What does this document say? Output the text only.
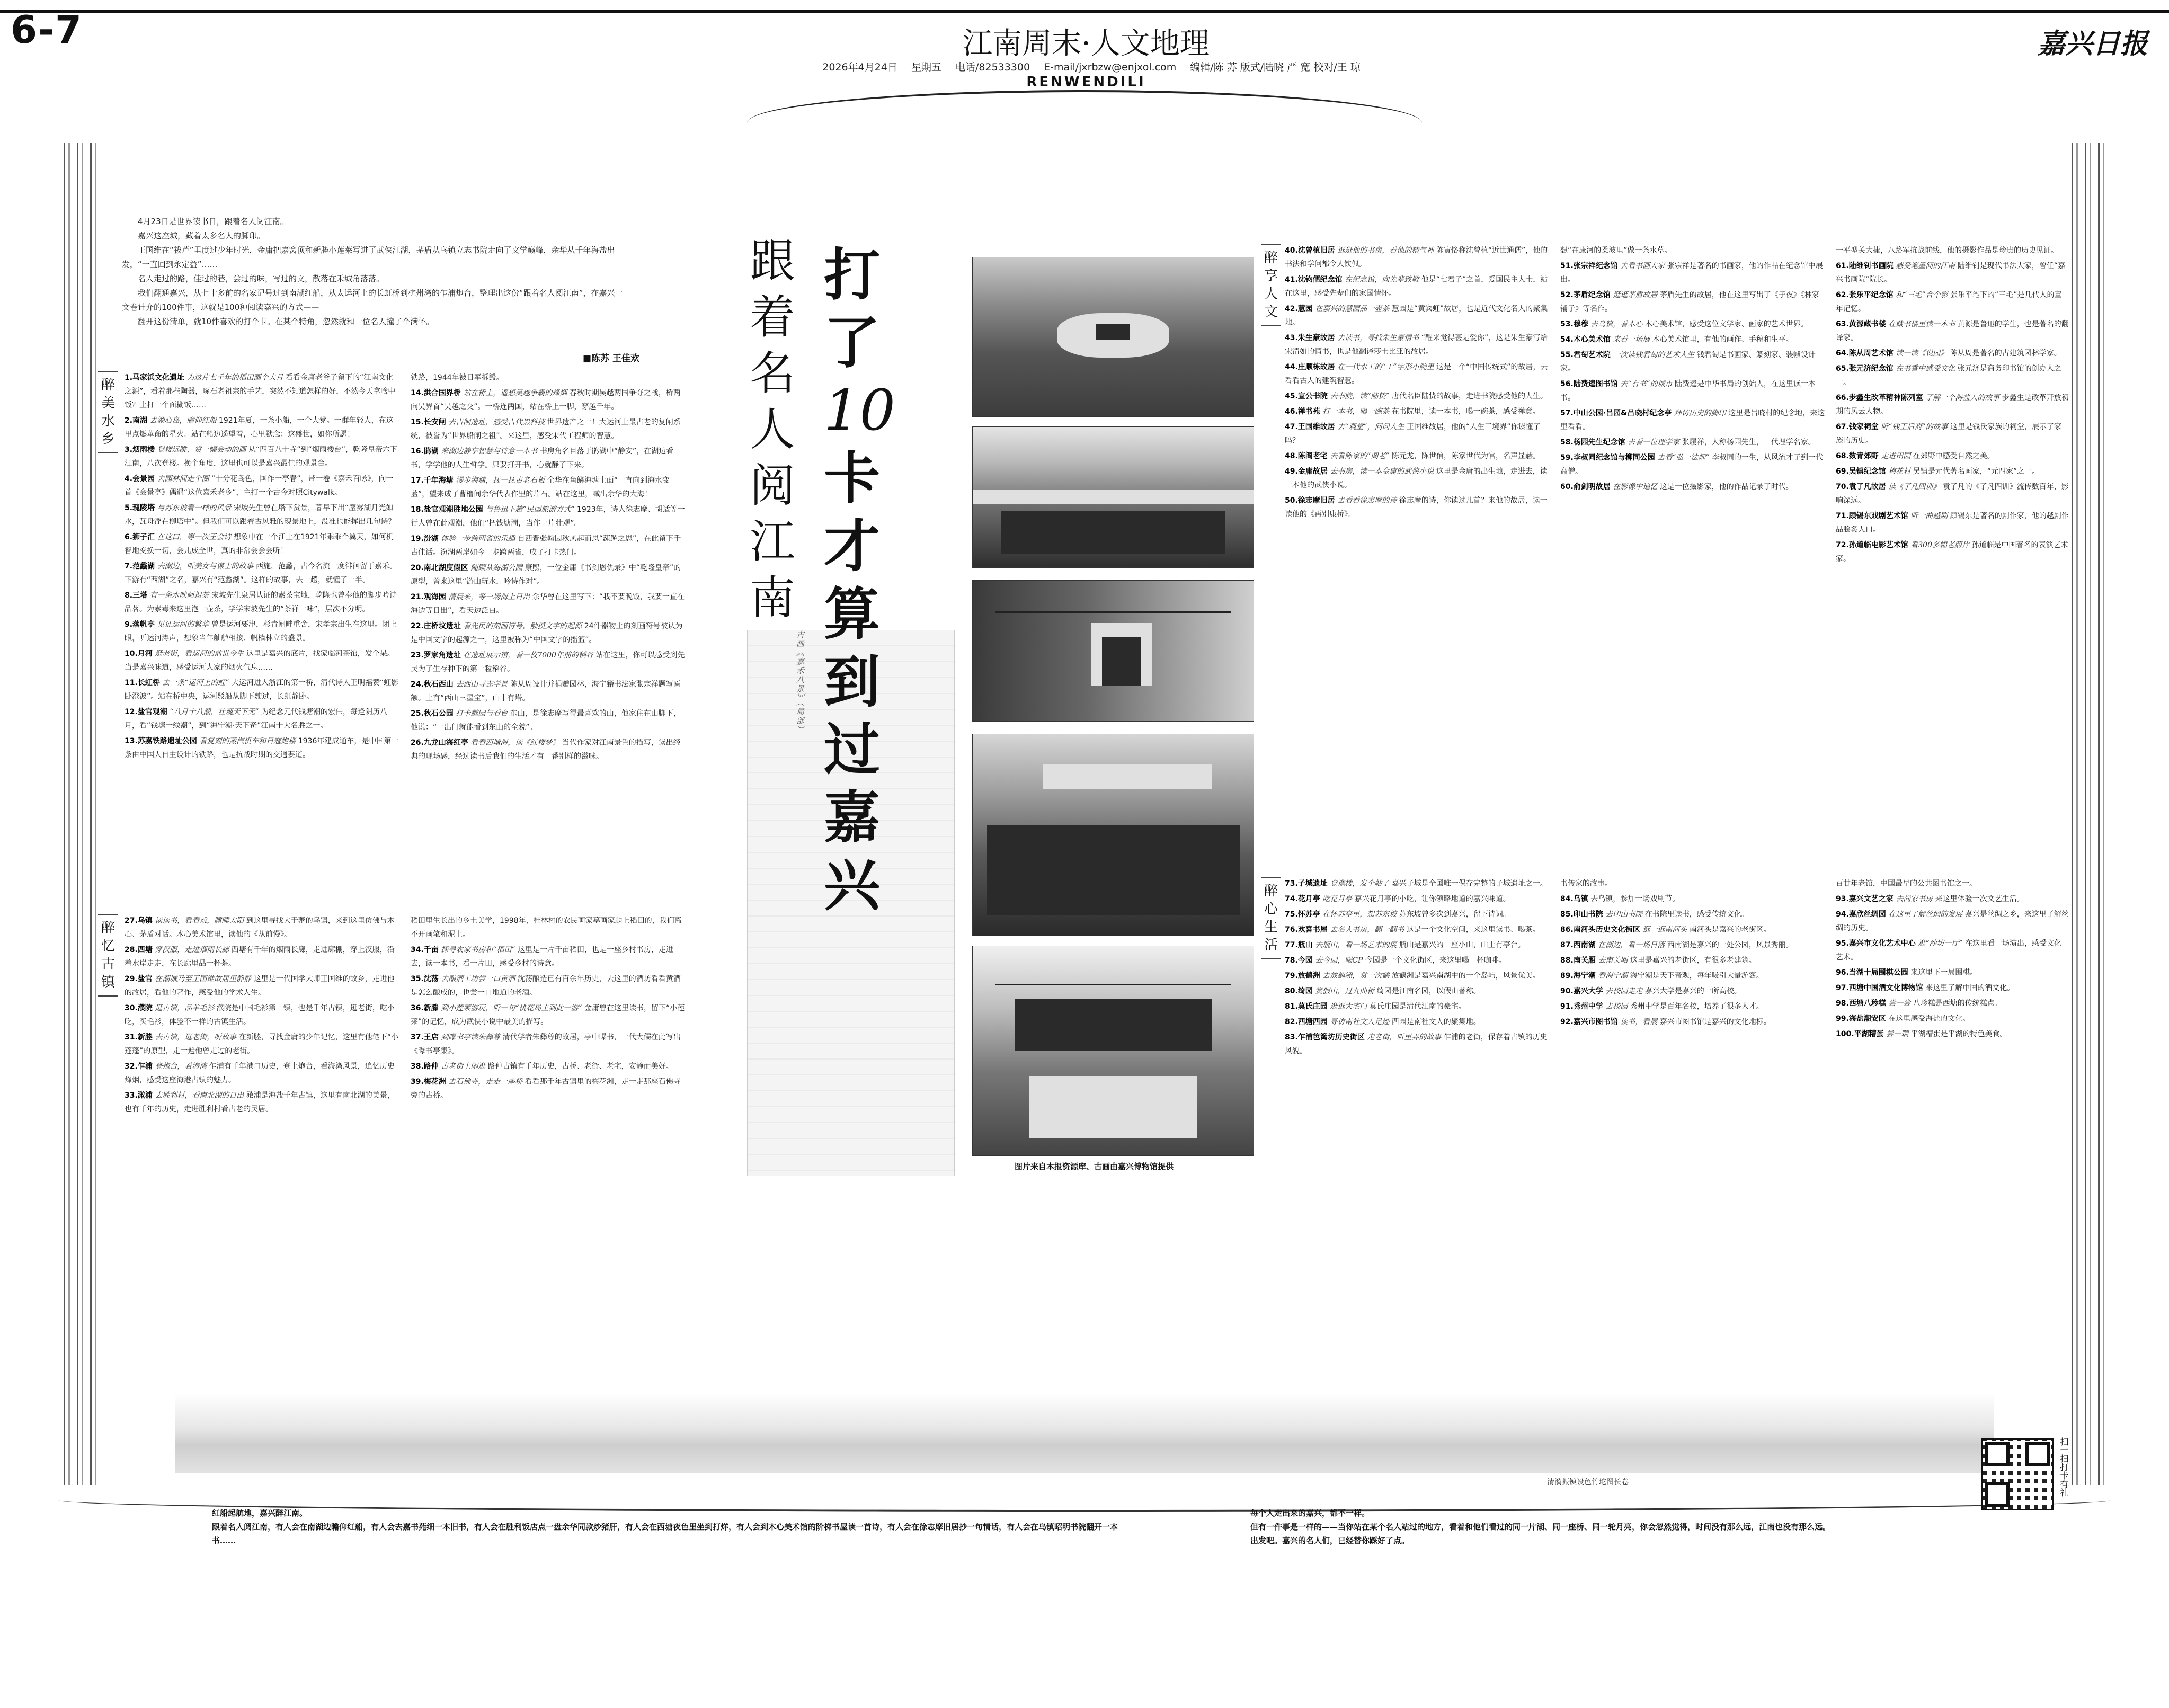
6-7	江南周末·人文地理
2026年4月24日 星期五 电话/82533300 E-mail/jxrbzw@enjxol.com 编辑/陈 苏 版式/陆晓 严 宽 校对/王 琼
RENWENDILI
嘉兴日报

4月23日是世界读书日，跟着名人阅江南。

嘉兴这座城，藏着太多名人的脚印。

王国维在“祓芦”里度过少年时光，金庸把嘉窝顶和新塍小莲莱写进了武侠江湖，茅盾从乌镇立志书院走向了文学巅峰，余华从千年海盐出发，“一直回到永定益”……

名人走过的路，佳过的巷，尝过的味，写过的文，散落在禾城角落落。

我们翻通嘉兴，从七十多前的名家记号过到南湖红船，从太运河上的长虹桥到杭州湾的乍浦炮台，整理出这份“跟着名人阅江南”，在嘉兴一文卷计介的100件事，这就是100种阅读嘉兴的方式——

翻开这份清单，就10件喜欢的打个卡。在某个特角，忽然就和一位名人撞了个满怀。

■陈苏 王佳欢
醉美水乡
醉忆古镇
醉享人文
醉心生活

1.马家浜文化遗址 为这片七千年的稻田画个大月 看看金庸老爷子留下的“江南文化之源”，看着那些陶器，琢石老祖宗的手艺，突然不知道怎样的好，不然今天拿啥中饭？土打一个面糊饭……

2.南湖 去湖心岛，瞻仰红船 1921年夏，一条小船，一个大党。一群年轻人，在这里点燃革命的星火。站在船边遥望着，心里默念：这盛世，如你所愿！

3.烟雨楼 登楼远眺，赏一幅会动的画 从“四百八十寺”到“烟雨楼台”，乾隆皇帝六下江南，八次登楼。换个角度，这里也可以是嘉兴最佳的观景台。

4.会景园 去园林间走个圈 “十分花鸟色，国作一亭春”，带一卷《嘉禾百咏》，向一首《会景亭》偶遇“这位嘉禾老乡”，主打一个古今对照Citywalk。

5.瑰陵塔 与苏东坡看一样的风景 宋坡先生曾在塔下赏景，暮早下出“麈雾湖月光如水，瓦舟浮在柳塔中”。但我们可以跟着古风雅的现景地上，没准也能挥出几句诗？

6.狮子汇 在这口，等一次王会诗 想象中在一个江上在1921年乖乖个翼天，如何机智地变换一切，会儿成全世，真的非常会会会听！

7.范蠡湖 去湖边，听美女与谋士的故事 西施，范蠡，古今名流一度徘徊留于嘉禾。下游有“西湖”之名，嘉兴有“范蠡湖”。这样的故事，去一趟，就懂了一半。

8.三塔 有一条水映阿拟茶 宋坡先生泉居认证的素茶宝地，乾隆也曾奉他的脚步吟诗品茗。为素毒来这里泡一壶茶，学学宋坡先生的“茶禅一味”，层次不分明。

9.落帆亭 见证运河的繁华 曾是运河要津，杉青闸畔重舍，宋孝宗出生在这里。闭上眼，听运河涛声，想象当年舳舻相接、帆樯林立的盛景。

10.月河 逛老街，看运河的前世今生 这里是嘉兴的底片，找家临河茶馆，发个呆。当是嘉兴味道，感受运河人家的烟火气息……

11.长虹桥 去一条“运河上的虹” 大运河进入浙江的第一桥，清代诗人王明福赞“虹影卧澄波”。站在桥中央，运河驳船从脚下驶过，长虹静卧。

12.盐官观潮 “八月十八潮，壮观天下无” 为纪念元代钱塘潮的宏伟，每逢阴历八月，看“钱塘一线潮”，到“海宁潮·天下奇”江南十大名胜之一。

13.苏嘉铁路遗址公园 看复刻的蒸汽机车和日寇炮楼 1936年建成通车，是中国第一条由中国人自主设计的铁路，也是抗战时期的交通要道。

铁路，1944年被日军拆毁。

14.洪合国界桥 站在桥上，遥想吴越争霸的烽烟 春秋时期吴越两国争夺之战，桥两向吴界首“吴越之交”。一桥连两国，站在桥上一脚，穿越千年。

15.长安闸 去古闸遗址，感受古代黑科技 世界遗产之一！大运河上最古老的复闸系统，被誉为“世界船闸之祖”。来这里，感受宋代工程师的智慧。

16.鹃湖 来湖边静享智慧与诗意一本书 书房角名目落于鹃湖中“静安”，在湖边看书，学学他的人生哲学。只要打开书，心就静了下来。

17.千年海塘 漫步海塘，抚一抚古老石板 全华在鱼鳞海塘上面“一直向到海水变蓝”，望来成了曹橹间余华代表作里的片石。站在这里，喊出余华的大海！

18.盐官观潮胜地公园 与鲁迅下趟“民国旅游方式” 1923年，诗人徐志摩、胡适等一行人曾在此观潮，他们“把钱塘潮，当作一片壮观”。

19.汾湖 体验一步跨两省的乐趣 自西晋张翰因秋风起而思“莼鲈之思”，在此留下千古佳话。汾湖两岸如今一步跨两省，成了打卡热门。

20.南北湖度假区 随顾从海湖公园 康熙，一位金庸《书剑恩仇录》中“乾隆皇帝”的原型，曾来这里“游山玩水，吟诗作对”。

21.观海园 清晨来，等一场海上日出 余华曾在这里写下：“我不要晚饭，我要一直在海边等日出”，看天边泛白。

22.庄桥坟遗址 看先民的刻画符号，触摸文字的起源 24件器物上的刻画符号被认为是中国文字的起源之一，这里被称为“中国文字的摇篮”。

23.罗家角遗址 在遗址展示馆，看一枚7000年前的稻谷 站在这里，你可以感受到先民为了生存种下的第一粒稻谷。

24.秋石西山 去西山寻志学景 陈从周设计并捐赠园林，海宁籍书法家张宗祥题写匾额。上有“西山三墨宝”，山中有塔。

25.秋石公园 打卡越园与看台 东山，是徐志摩写得最喜欢的山，他家住在山脚下，他说：“一出门就能看到东山的全貌”。

26.九龙山海红亭 看看西塘海，读《红楼梦》 当代作家对江南景色的描写，读出经典的现场感，经过读书后我们的生活才有一番别样的滋味。

27.乌镇 读读书，看看戏，睡睡太阳 到这里寻找大于蕃的乌镇，来到这里仿佛与木心、茅盾对话。木心美术馆里，读他的《从前慢》。

28.西塘 穿汉服，走进烟雨长廊 西塘有千年的烟雨长廊，走进廊棚，穿上汉服，沿着水岸走走，在长廊里品一杯茶。

29.盐官 在潮城乃至王国维故居里静静 这里是一代国学大师王国维的故乡，走进他的故居，看他的著作，感受他的学术人生。

30.濮院 逛古镇，品羊毛衫 濮院是中国毛衫第一镇，也是千年古镇，逛老街，吃小吃，买毛衫，体验不一样的古镇生活。

31.新塍 去古镇，逛老街，听故事 在新塍，寻找金庸的少年记忆，这里有他笔下“小莲蓬”的原型，走一遍他曾走过的老街。

32.乍浦 登炮台，看海湾 乍浦有千年港口历史，登上炮台，看海湾风景，追忆历史烽烟，感受这座海港古镇的魅力。

33.澉浦 去胜利村，看南北湖的日出 澉浦是海盐千年古镇，这里有南北湖的美景，也有千年的历史，走进胜利村看古老的民居。

稻田里生长出的乡土美学，1998年，桂林村的农民画家摹画家题上稻田的，我们离不开画笔和泥土。

34.千亩 探寻农家书房和“稻田” 这里是一片千亩稻田，也是一座乡村书房，走进去，读一本书，看一片田，感受乡村的诗意。

35.沈荡 去酿酒工坊尝一口黄酒 沈荡酿造已有百余年历史，去这里的酒坊看看黄酒是怎么酿成的，也尝一口地道的老酒。

36.新滕 到小莲莱游玩，听一句“桃花岛主到此一游” 金庸曾在这里读书，留下“小莲莱”的记忆，成为武侠小说中最美的描写。

37.王店 到曝书亭读朱彝尊 清代学者朱彝尊的故居，亭中曝书，一代大儒在此写出《曝书亭集》。

38.路仲 古老街上闲逛 路仲古镇有千年历史，古桥、老街、老宅，安静而美好。

39.梅花洲 去石佛寺，走走一座桥 看看那千年古镇里的梅花洲，走一走那座石佛寺旁的古桥。

40.沈曾植旧居 逛逛他的书房，看他的精气神 陈寅恪称沈曾植“近世通儒”，他的书法和学问都令人钦佩。

41.沈钧儒纪念馆 在纪念馆，向先辈致敬 他是“七君子”之首，爱国民主人士，站在这里，感受先辈们的家国情怀。

42.慧园 在嘉兴的慧园品一壶茶 慧园是“黄宾虹”故居，也是近代文化名人的聚集地。

43.朱生豪故居 去读书，寻找朱生豪情书 “醒来觉得甚是爱你”，这是朱生豪写给宋清如的情书，也是他翻译莎士比亚的故居。

44.庄顺栋故居 在一代水工的“工”字形小院里 这是一个“中国传统式”的故居，去看看古人的建筑智慧。

45.宣公书院 去书院，读“陆贽” 唐代名臣陆贽的故事，走进书院感受他的人生。

46.禅书苑 打一本书，喝一碗茶 在书院里，读一本书，喝一碗茶，感受禅意。

47.王国维故居 去“观堂”，问问人生 王国维故居，他的“人生三境界”你读懂了吗？

48.陈阁老宅 去看陈家的“阁老” 陈元龙，陈世倌，陈家世代为官，名声显赫。

49.金庸故居 去书房，读一本金庸的武侠小说 这里是金庸的出生地，走进去，读一本他的武侠小说。

50.徐志摩旧居 去看看徐志摩的诗 徐志摩的诗，你读过几首？来他的故居，读一读他的《再别康桥》。

想“在康河的柔波里”做一条水草。

51.张宗祥纪念馆 去看书画大家 张宗祥是著名的书画家，他的作品在纪念馆中展出。

52.茅盾纪念馆 逛逛茅盾故居 茅盾先生的故居，他在这里写出了《子夜》《林家铺子》等名作。

53.穆穆 去乌镇，看木心 木心美术馆，感受这位文学家、画家的艺术世界。

54.木心美术馆 来看一场展 木心美术馆里，有他的画作、手稿和生平。

55.君匋艺术院 一次读钱君匋的艺术人生 钱君匋是书画家、篆刻家、装帧设计家。

56.陆费逵图书馆 去“有书”的城市 陆费逵是中华书局的创始人，在这里读一本书。

57.中山公园·吕园&吕晓村纪念亭 拜访历史的脚印 这里是吕晓村的纪念地，来这里看看。

58.杨园先生纪念馆 去看一位理学家 张履祥，人称杨园先生，一代理学名家。

59.李叔同纪念馆与柳同公园 去看“弘一法师” 李叔同的一生，从风流才子到一代高僧。

60.俞剑明故居 在影像中追忆 这是一位摄影家，他的作品记录了时代。

一平型关大捷，八路军抗战前线，他的摄影作品是珍贵的历史见证。

61.陆维钊书画院 感受笔墨间的江南 陆维钊是现代书法大家，曾任“嘉兴书画院”院长。

62.张乐平纪念馆 和“三毛”合个影 张乐平笔下的“三毛”是几代人的童年记忆。

63.黄源藏书楼 在藏书楼里读一本书 黄源是鲁迅的学生，也是著名的翻译家。

64.陈从周艺术馆 读一读《说园》 陈从周是著名的古建筑园林学家。

65.张元济纪念馆 在书香中感受文化 张元济是商务印书馆的创办人之一。

66.步鑫生改革精神陈列室 了解一个海盐人的故事 步鑫生是改革开放初期的风云人物。

67.钱家祠堂 听“钱王后裔”的故事 这里是钱氏家族的祠堂，展示了家族的历史。

68.数青郊野 走进田园 在郊野中感受自然之美。

69.吴镇纪念馆 梅花村 吴镇是元代著名画家，“元四家”之一。

70.袁了凡故居 读《了凡四训》 袁了凡的《了凡四训》流传数百年，影响深远。

71.顾锡东戏剧艺术馆 听一曲越剧 顾锡东是著名的剧作家，他的越剧作品脍炙人口。

72.孙道临电影艺术馆 看300多幅老照片 孙道临是中国著名的表演艺术家。

73.子城遗址 登谯楼，发个帖子 嘉兴子城是全国唯一保存完整的子城遗址之一。

74.花月亭 吃花月亭 嘉兴花月亭的小吃，让你领略地道的嘉兴味道。

75.怀苏亭 在怀苏亭里，想苏东坡 苏东坡曾多次到嘉兴，留下诗词。

76.欢喜书屋 去名人书房，翻一翻书 这是一个文化空间，来这里读书、喝茶。

77.瓶山 去瓶山，看一场艺术的展 瓶山是嘉兴的一座小山，山上有亭台。

78.今园 去今园，喝CP 今园是一个文化街区，来这里喝一杯咖啡。

79.放鹤洲 去放鹤洲，赏一次鹤 放鹤洲是嘉兴南湖中的一个岛屿，风景优美。

80.绮园 赏假山，过九曲桥 绮园是江南名园，以假山著称。

81.莫氏庄园 逛逛大宅门 莫氏庄园是清代江南的豪宅。

82.西塘西园 寻访南社文人足迹 西园是南社文人的聚集地。

83.乍浦笆篱坊历史街区 走老街，听里弄的故事 乍浦的老街，保存着古镇的历史风貌。

书传家的故事。

84.乌镇 去乌镇，参加一场戏剧节。

85.印山书院 去印山书院 在书院里读书，感受传统文化。

86.南河头历史文化街区 逛一逛南河头 南河头是嘉兴的老街区。

87.西南湖 在湖边，看一场日落 西南湖是嘉兴的一处公园，风景秀丽。

88.南关厢 去南关厢 这里是嘉兴的老街区，有很多老建筑。

89.海宁潮 看海宁潮 海宁潮是天下奇观，每年吸引大量游客。

90.嘉兴大学 去校园走走 嘉兴大学是嘉兴的一所高校。

91.秀州中学 去校园 秀州中学是百年名校，培养了很多人才。

92.嘉兴市图书馆 读书，看展 嘉兴市图书馆是嘉兴的文化地标。

百廿年老馆，中国最早的公共图书馆之一。

93.嘉兴文艺之家 去尚家书房 来这里体验一次文艺生活。

94.嘉欣丝绸园 在这里了解丝绸的发展 嘉兴是丝绸之乡，来这里了解丝绸的历史。

95.嘉兴市文化艺术中心 逛“沙坊一厅” 在这里看一场演出，感受文化艺术。

96.当湖十局围棋公园 来这里下一局围棋。

97.西塘中国酒文化博物馆 来这里了解中国的酒文化。

98.西塘八珍糕 尝一尝 八珍糕是西塘的传统糕点。

99.海盐潮安区 在这里感受海盐的文化。

100.平湖糟蛋 尝一颗 平湖糟蛋是平湖的特色美食。

跟
着
名
人
阅
江
南
古画《嘉禾八景》（局部）
打
了
10
卡
才
算
到
过
嘉
兴
图片来自本报资源库、古画由嘉兴博物馆提供
清漪振镇设色竹坨图长卷	扫一扫打卡有礼

红船起航地，嘉兴醉江南。

跟着名人阅江南，有人会在南湖边瞻仰红船，有人会去嘉书苑细一本旧书，有人会在胜利饭店点一盘余华同款炒猪肝，有人会在西塘夜色里坐到打烊，有人会到木心美术馆的阶梯书屋读一首诗，有人会在徐志摩旧居抄一句情话，有人会在乌镇昭明书院翻开一本书……

每个人走出来的嘉兴，都不一样。

但有一件事是一样的——当你站在某个名人站过的地方，看着和他们看过的同一片湖、同一座桥、同一轮月亮，你会忽然觉得，时间没有那么远，江南也没有那么远。

出发吧。嘉兴的名人们，已经替你踩好了点。
